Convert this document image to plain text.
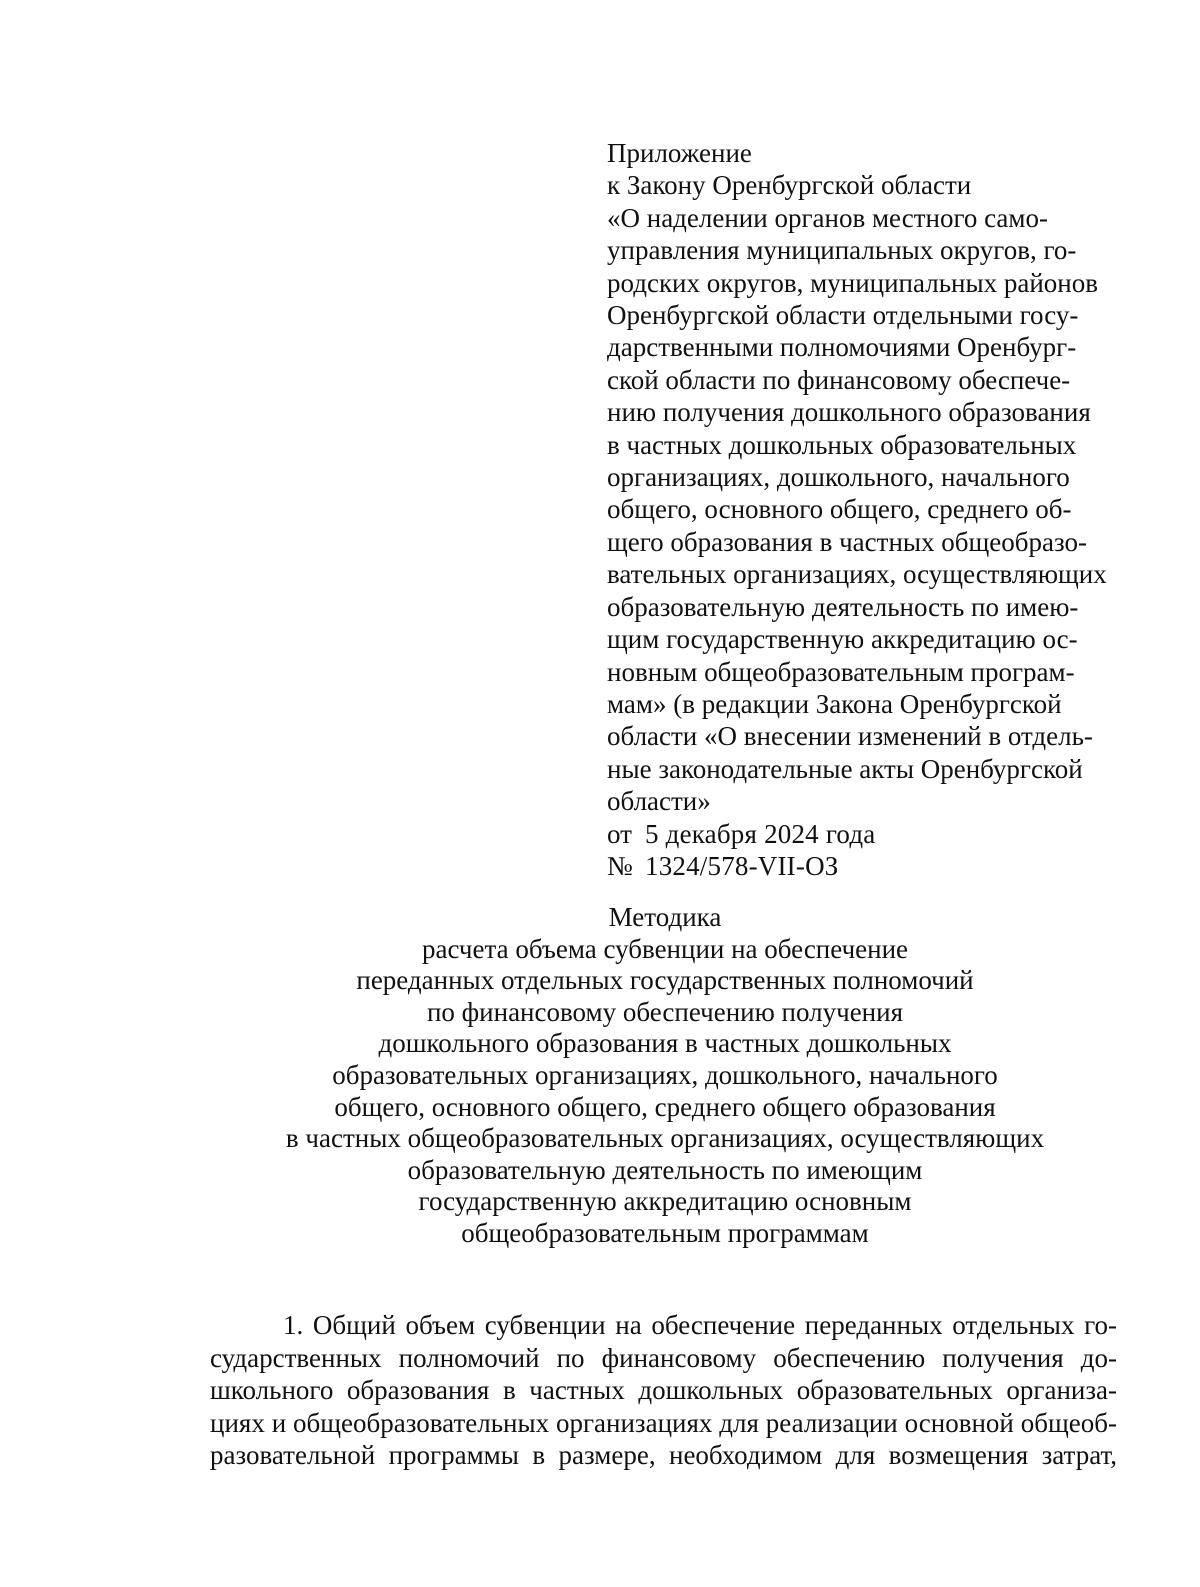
Приложение
к Закону Оренбургской области
«О наделении органов местного само-
управления муниципальных округов, го-
родских округов, муниципальных районов
Оренбургской области отдельными госу-
дарственными полномочиями Оренбург-
ской области по финансовому обеспече-
нию получения дошкольного образования
в частных дошкольных образовательных
организациях, дошкольного, начального
общего, основного общего, среднего об-
щего образования в частных общеобразо-
вательных организациях, осуществляющих
образовательную деятельность по имею-
щим государственную аккредитацию ос-
новным общеобразовательным програм-
мам» (в редакции Закона Оренбургской
области «О внесении изменений в отдель-
ные законодательные акты Оренбургской
области»
от 5 декабря 2024 года
№ 1324/578-VII-ОЗ
Методика
расчета объема субвенции на обеспечение
переданных отдельных государственных полномочий
по финансовому обеспечению получения
дошкольного образования в частных дошкольных
образовательных организациях, дошкольного, начального
общего, основного общего, среднего общего образования
в частных общеобразовательных организациях, осуществляющих
образовательную деятельность по имеющим
государственную аккредитацию основным
общеобразовательным программам
1. Общий объем субвенции на обеспечение переданных отдельных го-
сударственных полномочий по финансовому обеспечению получения до-
школьного образования в частных дошкольных образовательных организа-
циях и общеобразовательных организациях для реализации основной общеоб-
разовательной программы в размере, необходимом для возмещения затрат,
